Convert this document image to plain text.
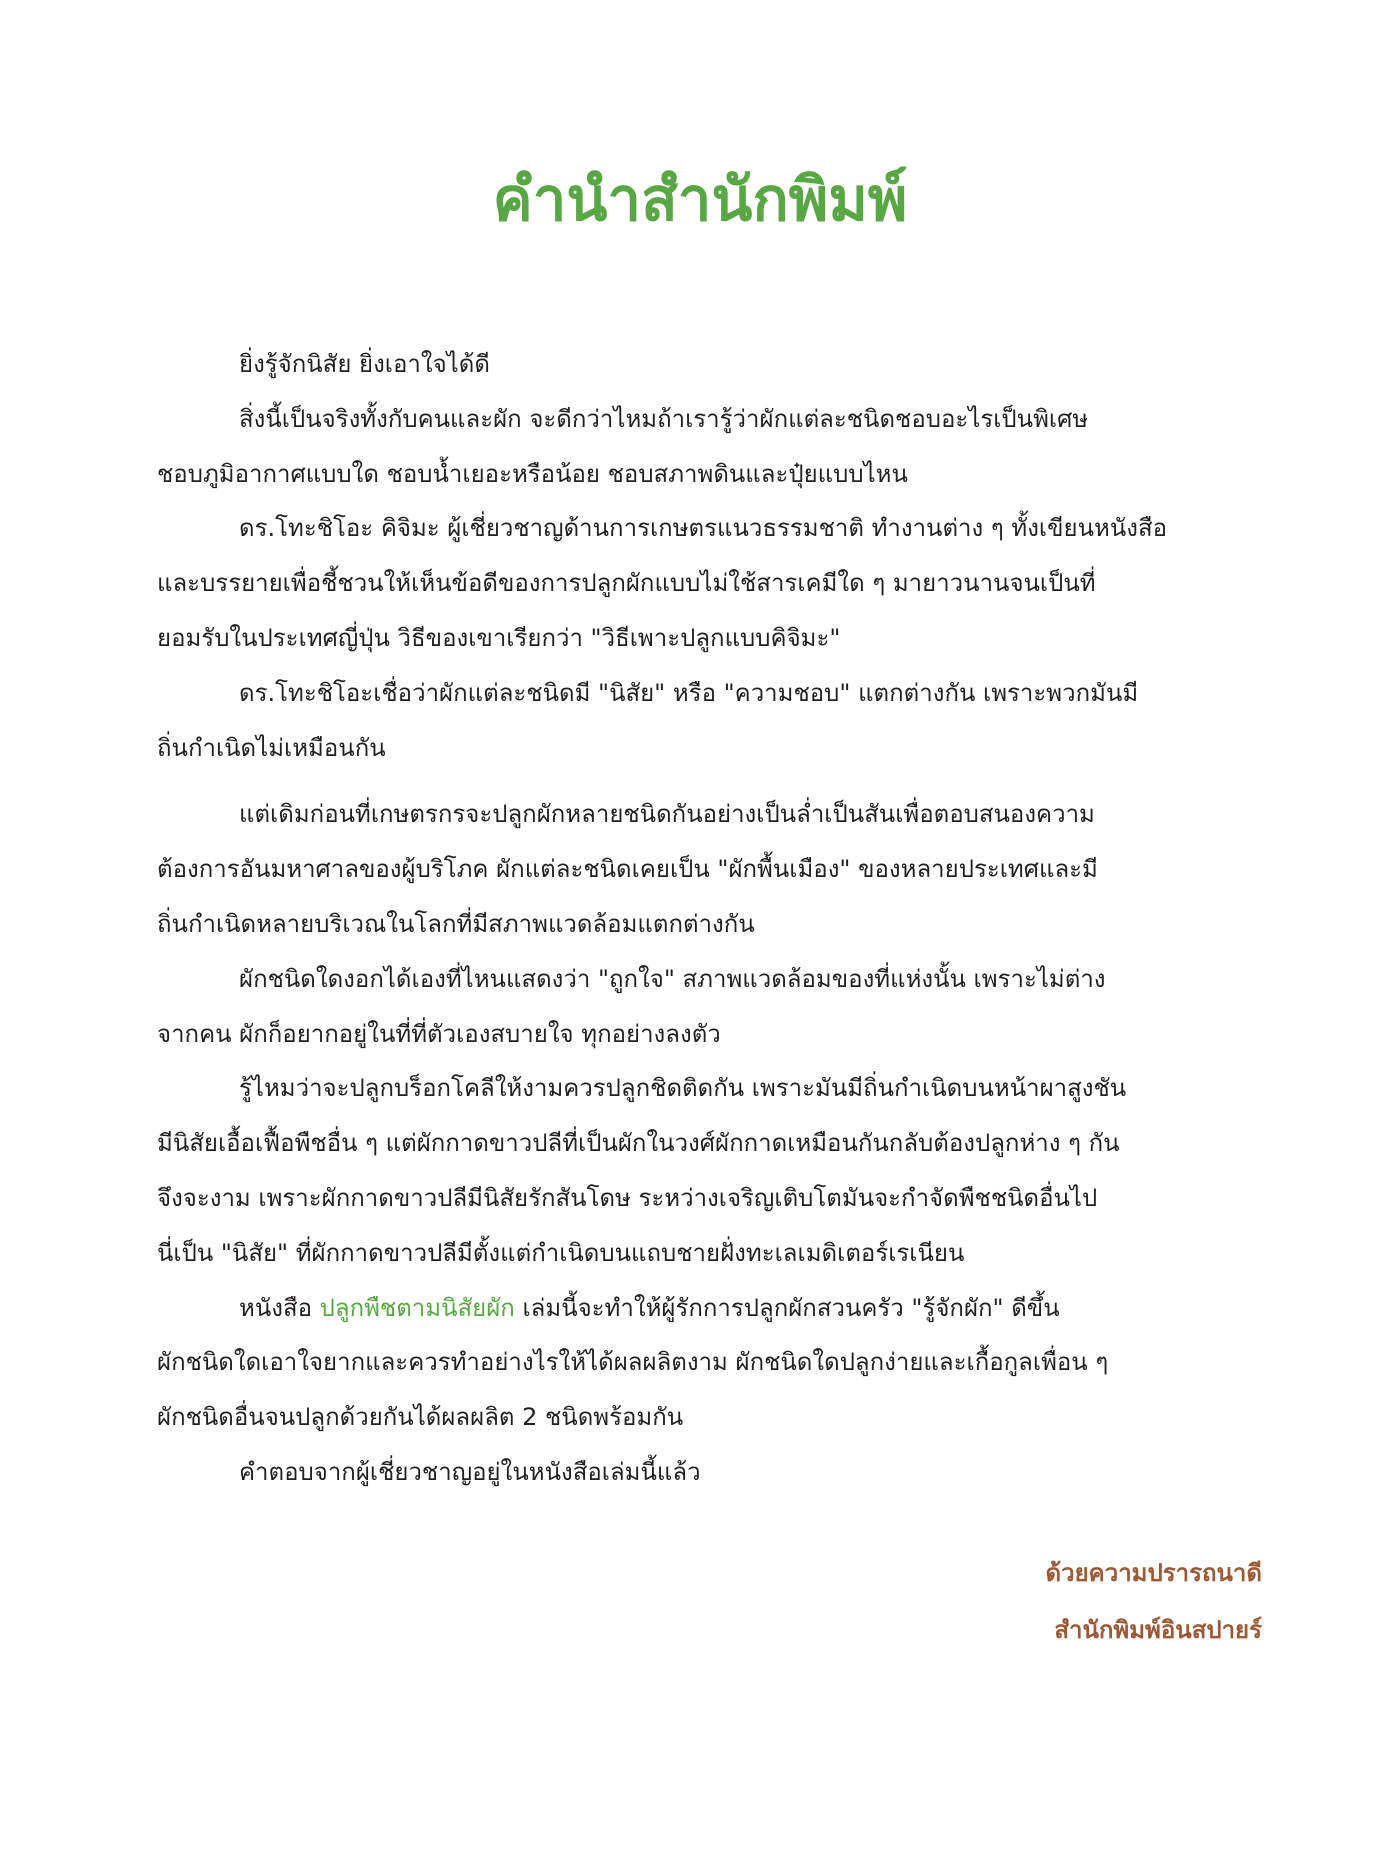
คำนำสำนักพิมพ์

ยิ่งรู้จักนิสัย ยิ่งเอาใจได้ดี

สิ่งนี้เป็นจริงทั้งกับคนและผัก จะดีกว่าไหมถ้าเรารู้ว่าผักแต่ละชนิดชอบอะไรเป็นพิเศษ
ชอบภูมิอากาศแบบใด ชอบน้ำเยอะหรือน้อย ชอบสภาพดินและปุ๋ยแบบไหน

ดร.โทะชิโอะ คิจิมะ ผู้เชี่ยวชาญด้านการเกษตรแนวธรรมชาติ ทำงานต่าง ๆ ทั้งเขียนหนังสือ
และบรรยายเพื่อชี้ชวนให้เห็นข้อดีของการปลูกผักแบบไม่ใช้สารเคมีใด ๆ มายาวนานจนเป็นที่
ยอมรับในประเทศญี่ปุ่น วิธีของเขาเรียกว่า "วิธีเพาะปลูกแบบคิจิมะ"

ดร.โทะชิโอะเชื่อว่าผักแต่ละชนิดมี "นิสัย" หรือ "ความชอบ" แตกต่างกัน เพราะพวกมันมี
ถิ่นกำเนิดไม่เหมือนกัน

แต่เดิมก่อนที่เกษตรกรจะปลูกผักหลายชนิดกันอย่างเป็นล่ำเป็นสันเพื่อตอบสนองความ
ต้องการอันมหาศาลของผู้บริโภค ผักแต่ละชนิดเคยเป็น "ผักพื้นเมือง" ของหลายประเทศและมี
ถิ่นกำเนิดหลายบริเวณในโลกที่มีสภาพแวดล้อมแตกต่างกัน

ผักชนิดใดงอกได้เองที่ไหนแสดงว่า "ถูกใจ" สภาพแวดล้อมของที่แห่งนั้น เพราะไม่ต่าง
จากคน ผักก็อยากอยู่ในที่ที่ตัวเองสบายใจ ทุกอย่างลงตัว

รู้ไหมว่าจะปลูกบร็อกโคลีให้งามควรปลูกชิดติดกัน เพราะมันมีถิ่นกำเนิดบนหน้าผาสูงชัน
มีนิสัยเอื้อเฟื้อพืชอื่น ๆ แต่ผักกาดขาวปลีที่เป็นผักในวงศ์ผักกาดเหมือนกันกลับต้องปลูกห่าง ๆ กัน
จึงจะงาม เพราะผักกาดขาวปลีมีนิสัยรักสันโดษ ระหว่างเจริญเติบโตมันจะกำจัดพืชชนิดอื่นไป
นี่เป็น "นิสัย" ที่ผักกาดขาวปลีมีตั้งแต่กำเนิดบนแถบชายฝั่งทะเลเมดิเตอร์เรเนียน

หนังสือ ปลูกพืชตามนิสัยผัก เล่มนี้จะทำให้ผู้รักการปลูกผักสวนครัว "รู้จักผัก" ดีขึ้น
ผักชนิดใดเอาใจยากและควรทำอย่างไรให้ได้ผลผลิตงาม ผักชนิดใดปลูกง่ายและเกื้อกูลเพื่อน ๆ
ผักชนิดอื่นจนปลูกด้วยกันได้ผลผลิต 2 ชนิดพร้อมกัน

คำตอบจากผู้เชี่ยวชาญอยู่ในหนังสือเล่มนี้แล้ว

ด้วยความปรารถนาดี
สำนักพิมพ์อินสปายร์
